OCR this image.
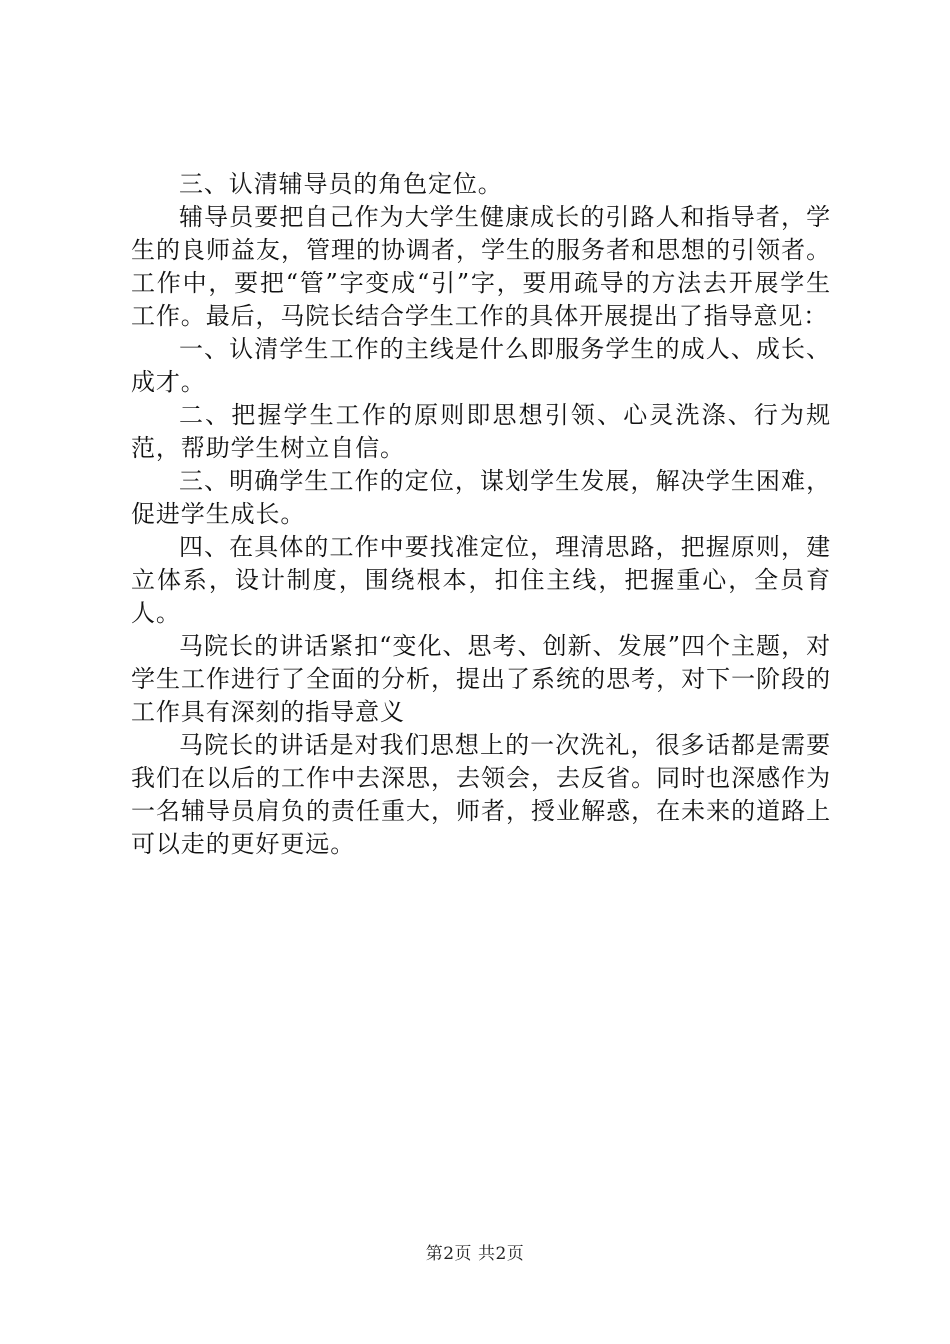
三、认清辅导员的角色定位。

辅导员要把自己作为大学生健康成长的引路人和指导者，学生的良师益友，管理的协调者，学生的服务者和思想的引领者。工作中，要把“管”字变成“引”字，要用疏导的方法去开展学生工作。最后，马院长结合学生工作的具体开展提出了指导意见：

一、认清学生工作的主线是什么即服务学生的成人、成长、成才。

二、把握学生工作的原则即思想引领、心灵洗涤、行为规范，帮助学生树立自信。

三、明确学生工作的定位，谋划学生发展，解决学生困难，促进学生成长。

四、在具体的工作中要找准定位，理清思路，把握原则，建立体系，设计制度，围绕根本，扣住主线，把握重心，全员育人。

马院长的讲话紧扣“变化、思考、创新、发展”四个主题，对学生工作进行了全面的分析，提出了系统的思考，对下一阶段的工作具有深刻的指导意义

马院长的讲话是对我们思想上的一次洗礼，很多话都是需要我们在以后的工作中去深思，去领会，去反省。同时也深感作为一名辅导员肩负的责任重大，师者，授业解惑，在未来的道路上可以走的更好更远。

第2页 共2页
